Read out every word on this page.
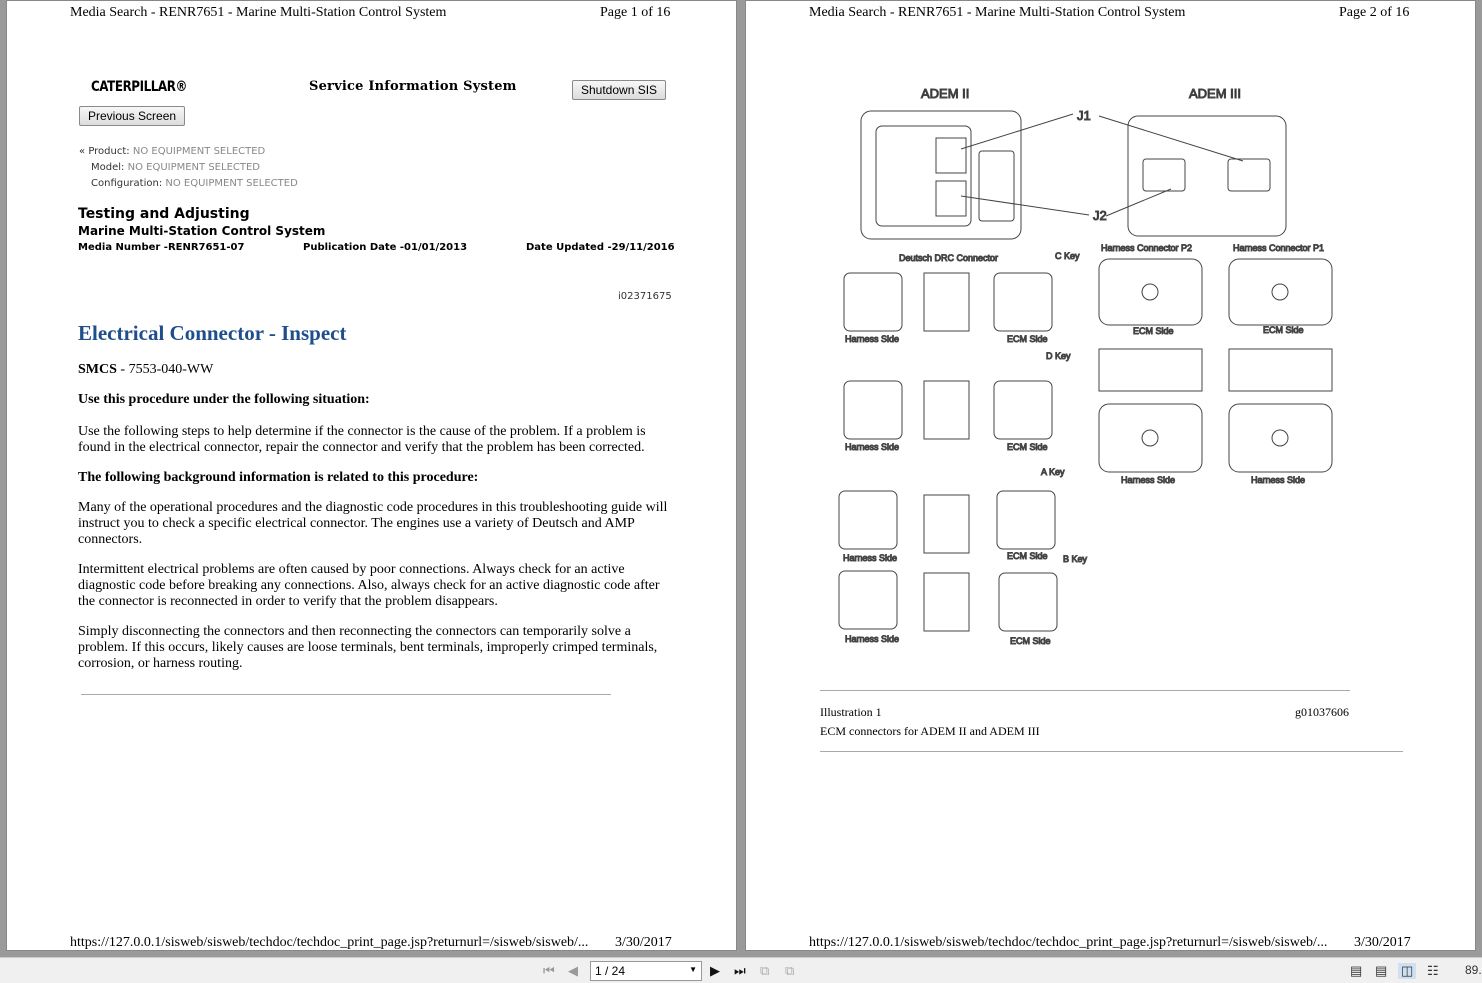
Media Search - RENR7651 - Marine Multi-Station Control System	Page 1 of 16
CATERPILLAR®	Service Information System	Shutdown SIS
Previous Screen
« Product: NO EQUIPMENT SELECTED
Model: NO EQUIPMENT SELECTED
Configuration: NO EQUIPMENT SELECTED
Testing and Adjusting
Marine Multi-Station Control System
Media Number -RENR7651-07	Publication Date -01/01/2013	Date Updated -29/11/2016
i02371675
Electrical Connector - Inspect

SMCS - 7553-040-WW

Use this procedure under the following situation:

Use the following steps to help determine if the connector is the cause of the problem. If a problem is found in the electrical connector, repair the connector and verify that the problem has been corrected.

The following background information is related to this procedure:

Many of the operational procedures and the diagnostic code procedures in this troubleshooting guide will instruct you to check a specific electrical connector. The engines use a variety of Deutsch and AMP connectors.

Intermittent electrical problems are often caused by poor connections. Always check for an active diagnostic code before breaking any connections. Also, always check for an active diagnostic code after the connector is reconnected in order to verify that the problem disappears.

Simply disconnecting the connectors and then reconnecting the connectors can temporarily solve a problem. If this occurs, likely causes are loose terminals, bent terminals, improperly crimped terminals, corrosion, or harness routing.

https://127.0.0.1/sisweb/sisweb/techdoc/techdoc_print_page.jsp?returnurl=/sisweb/sisweb/... 3/30/2017
Media Search - RENR7651 - Marine Multi-Station Control System	Page 2 of 16
ADEM II	ADEM III
J1
J2
Deutsch DRC Connector
Harness Connector P2	Harness Connector P1
ECM Side	ECM Side
Harness Side	Harness Side
C Key
D Key
A Key
B Key
Harness Side	ECM Side
Harness Side	ECM Side
Harness Side	ECM Side
Harness Side	ECM Side
Illustration 1	g01037606
ECM connectors for ADEM II and ADEM III
https://127.0.0.1/sisweb/sisweb/techdoc/techdoc_print_page.jsp?returnurl=/sisweb/sisweb/... 3/30/2017
⏮ ◀	1 / 24	▼ ▶ ⏭ ⧉ ⧉	▤ ▤ ◫ ☷ 89.
